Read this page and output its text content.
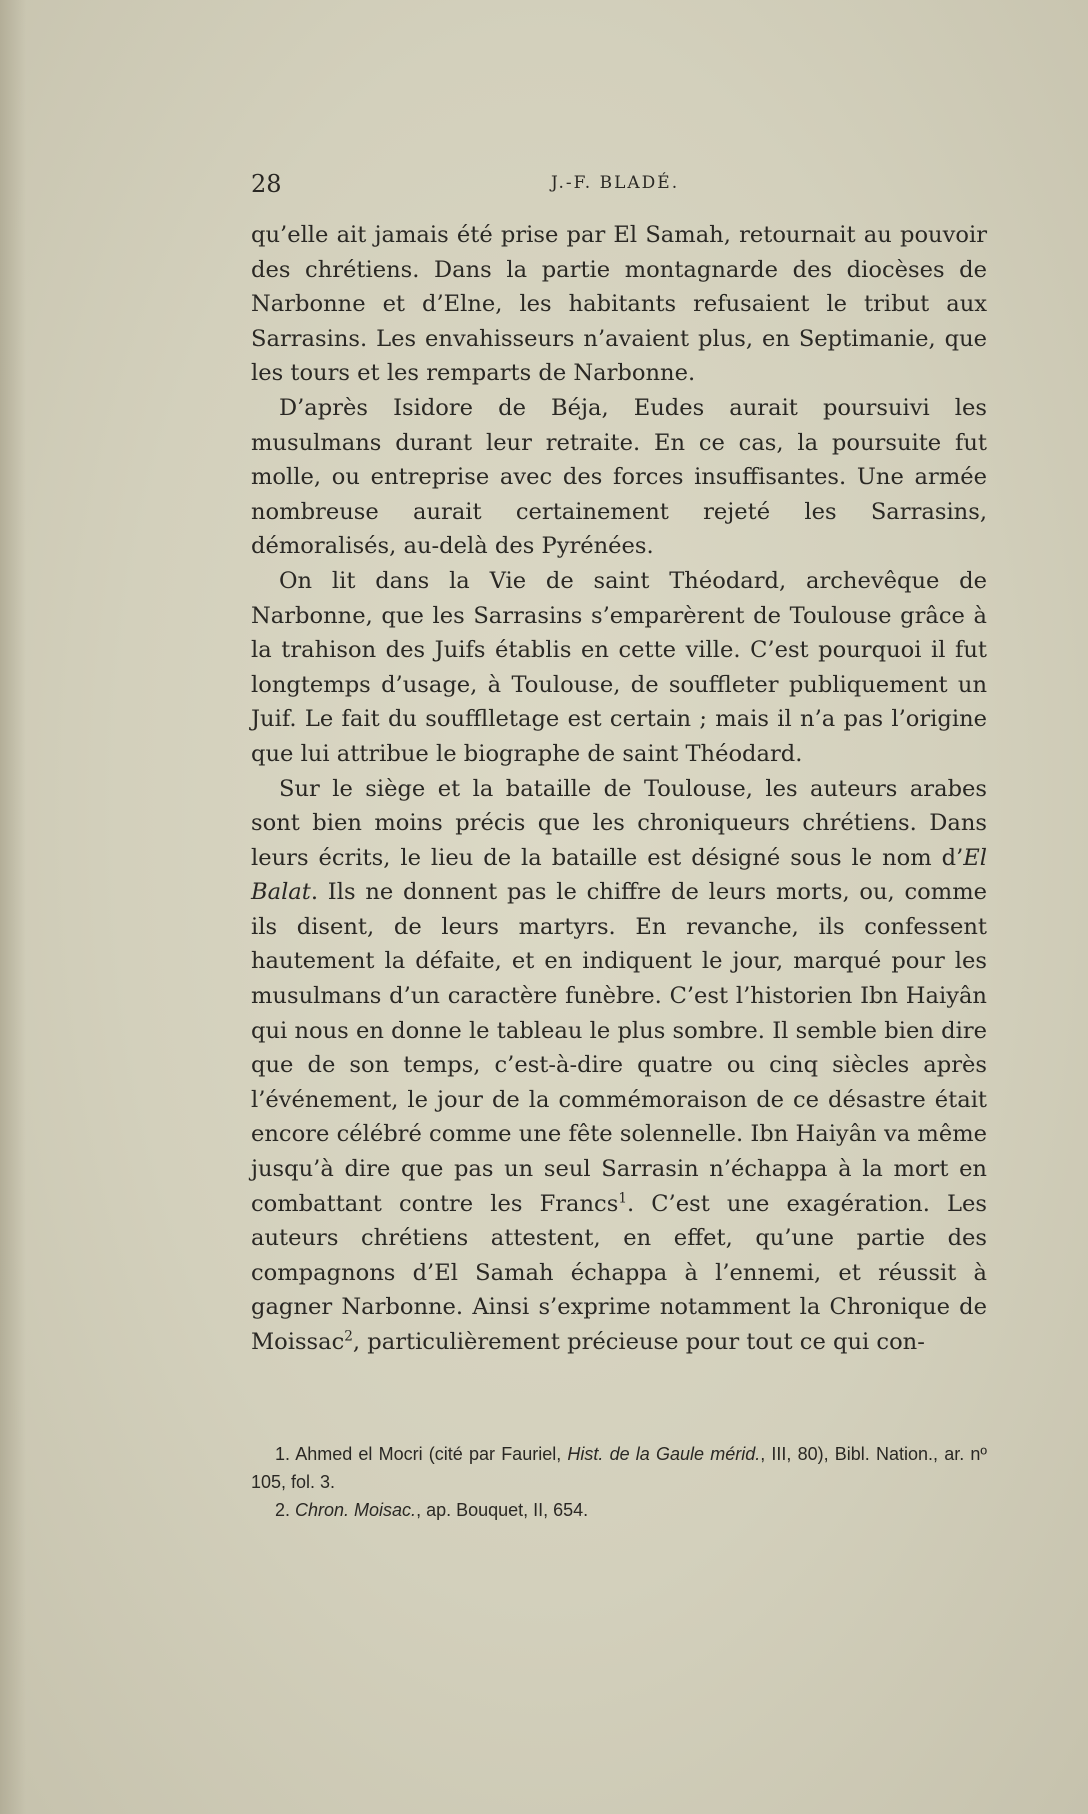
28	J.-F. BLADÉ.

qu’elle ait jamais été prise par El Samah, retournait au pouvoir des chrétiens. Dans la partie montagnarde des diocèses de Narbonne et d’Elne, les habitants refusaient le tribut aux Sarrasins. Les envahisseurs n’avaient plus, en Septimanie, que les tours et les remparts de Narbonne.

D’après Isidore de Béja, Eudes aurait poursuivi les musulmans durant leur retraite. En ce cas, la poursuite fut molle, ou entreprise avec des forces insuffisantes. Une armée nombreuse aurait certainement rejeté les Sarrasins, démoralisés, au-delà des Pyrénées.

On lit dans la Vie de saint Théodard, archevêque de Narbonne, que les Sarrasins s’emparèrent de Toulouse grâce à la trahison des Juifs établis en cette ville. C’est pourquoi il fut longtemps d’usage, à Toulouse, de souffleter publiquement un Juif. Le fait du soufflletage est certain ; mais il n’a pas l’origine que lui attribue le biographe de saint Théodard.

Sur le siège et la bataille de Toulouse, les auteurs arabes sont bien moins précis que les chroniqueurs chrétiens. Dans leurs écrits, le lieu de la bataille est désigné sous le nom d’El Balat. Ils ne donnent pas le chiffre de leurs morts, ou, comme ils disent, de leurs martyrs. En revanche, ils confessent hautement la défaite, et en indiquent le jour, marqué pour les musulmans d’un caractère funèbre. C’est l’historien Ibn Haiyân qui nous en donne le tableau le plus sombre. Il semble bien dire que de son temps, c’est-à-dire quatre ou cinq siècles après l’événement, le jour de la commémoraison de ce désastre était encore célébré comme une fête solennelle. Ibn Haiyân va même jusqu’à dire que pas un seul Sarrasin n’échappa à la mort en combattant contre les Francs$^1$. C’est une exagération. Les auteurs chrétiens attestent, en effet, qu’une partie des compagnons d’El Samah échappa à l’ennemi, et réussit à gagner Narbonne. Ainsi s’exprime notamment la Chronique de Moissac$^2$, particulièrement précieuse pour tout ce qui con-

1. Ahmed el Mocri (cité par Fauriel, Hist. de la Gaule mérid., III, 80), Bibl. Nation., ar. nº 105, fol. 3.

2. Chron. Moisac., ap. Bouquet, II, 654.
